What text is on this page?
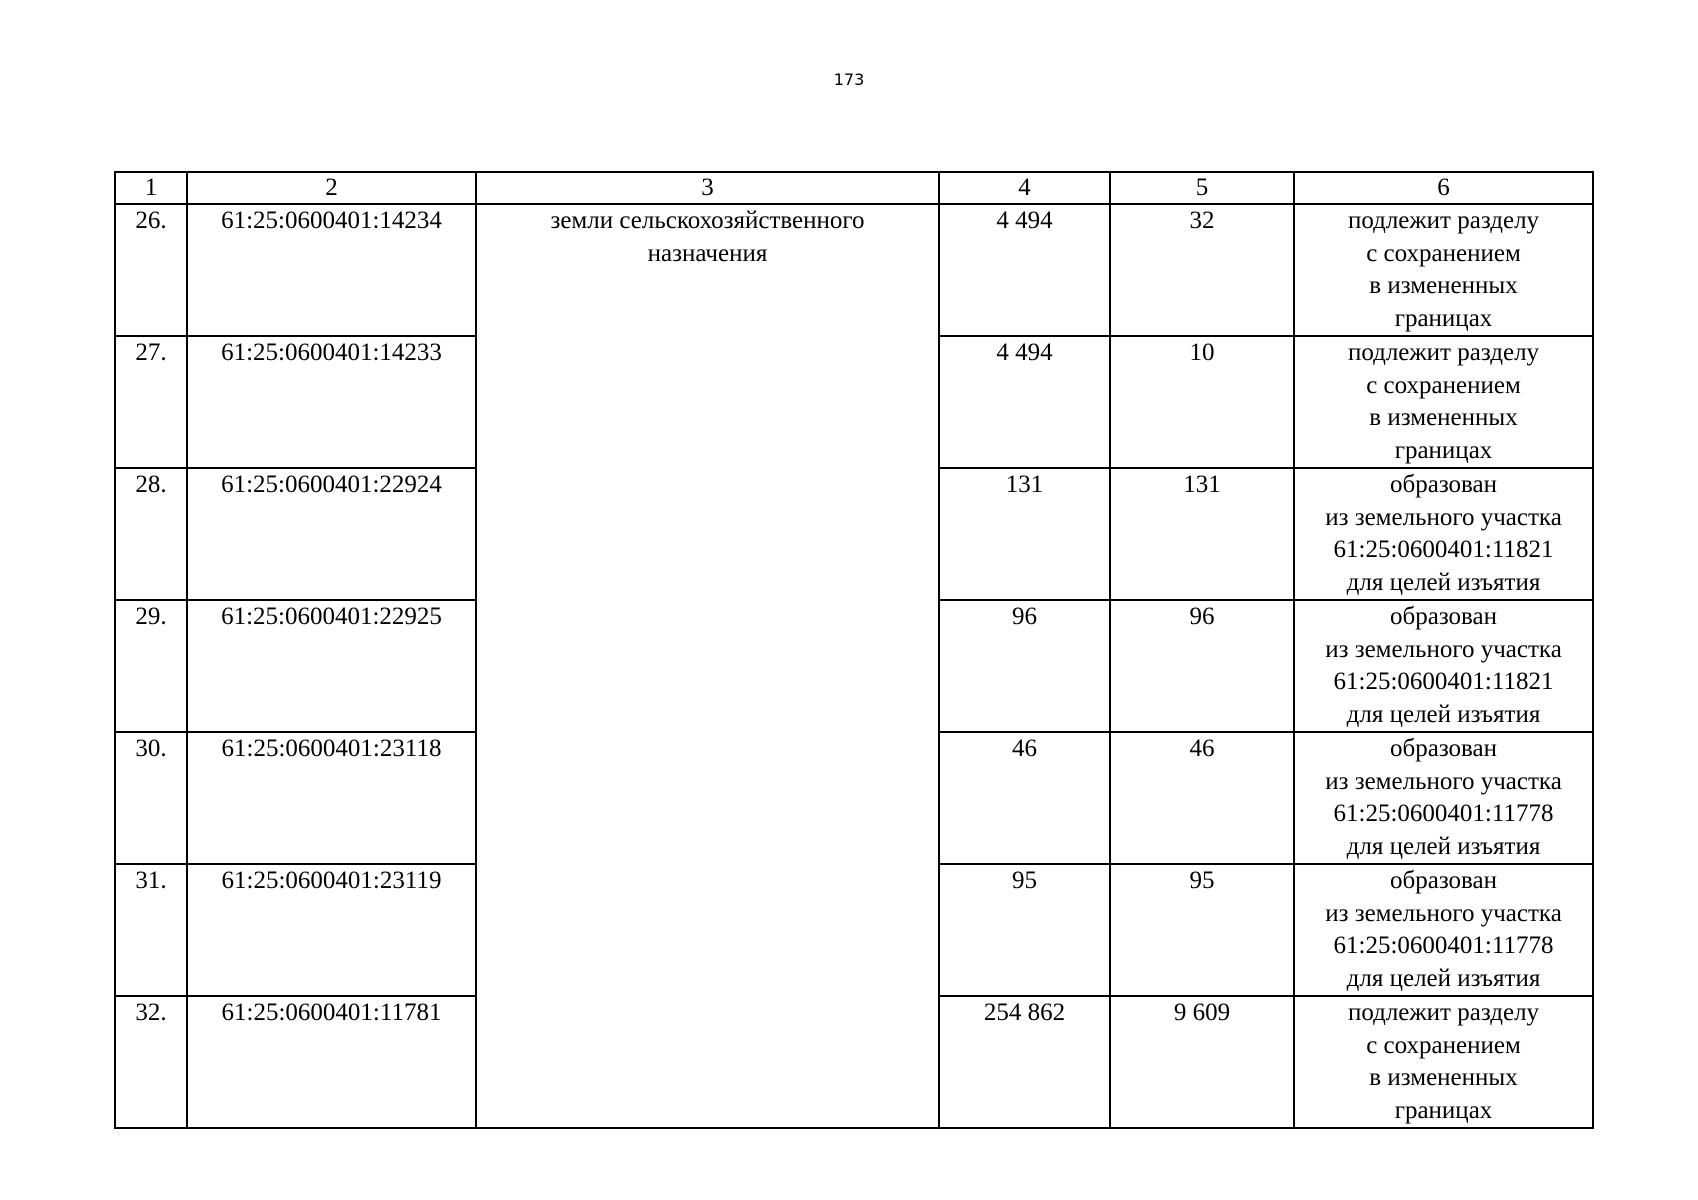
173
1	2	3	4	5	6
26.	61:25:0600401:14234	земли сельскохозяйственного
назначения	4 494	32	подлежит разделу
с сохранением
в измененных
границах

27.	61:25:0600401:14233		4 494	10	подлежит разделу
с сохранением
в измененных
границах

28.	61:25:0600401:22924		131	131	образован
из земельного участка
61:25:0600401:11821
для целей изъятия

29.	61:25:0600401:22925		96	96	образован
из земельного участка
61:25:0600401:11821
для целей изъятия

30.	61:25:0600401:23118		46	46	образован
из земельного участка
61:25:0600401:11778
для целей изъятия

31.	61:25:0600401:23119		95	95	образован
из земельного участка
61:25:0600401:11778
для целей изъятия

32.	61:25:0600401:11781		254 862	9 609	подлежит разделу
с сохранением
в измененных
границах
